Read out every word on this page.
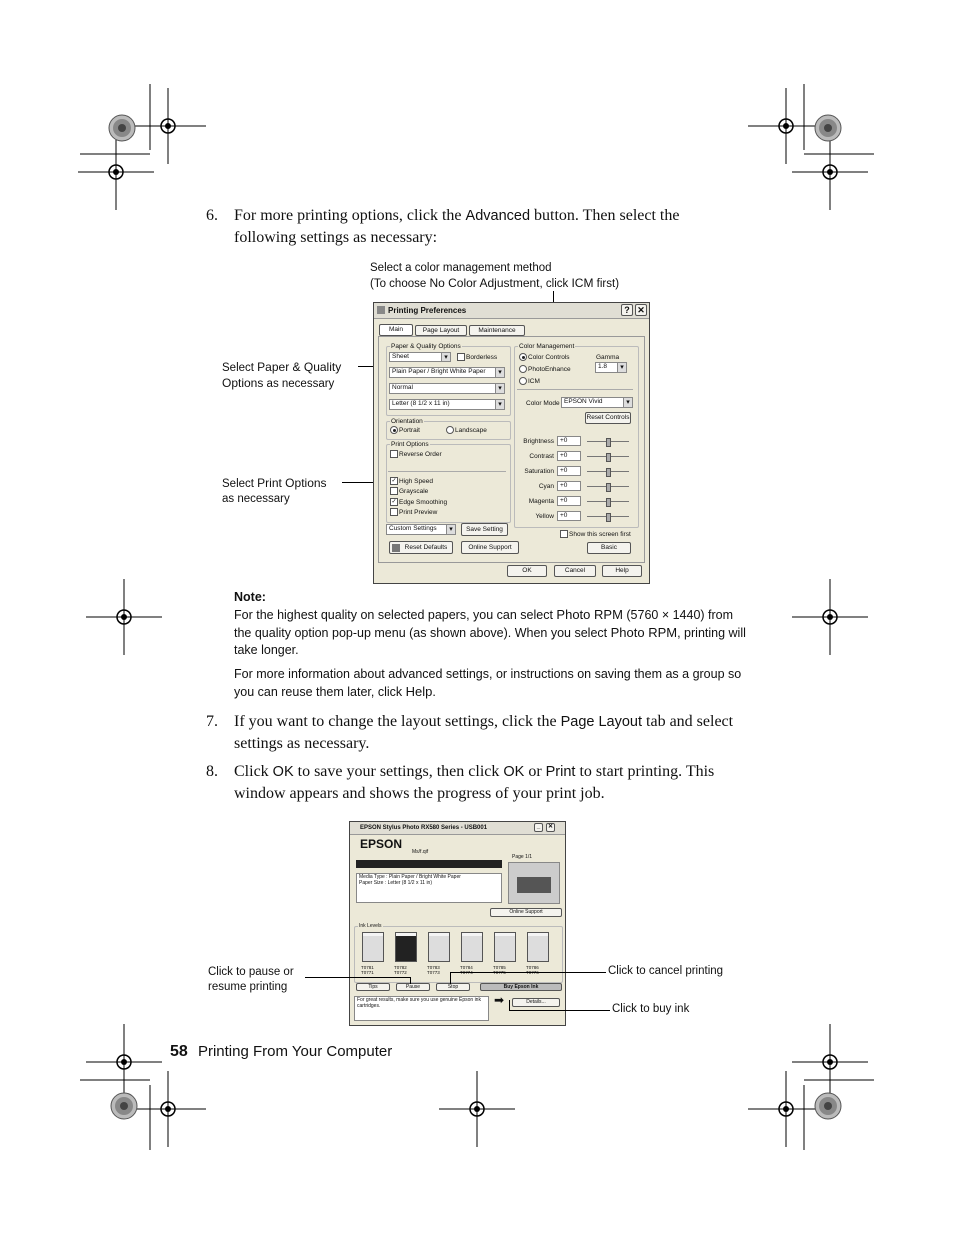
6. For more printing options, click the Advanced button. Then select the following settings as necessary:
Select a color management method
(To choose No Color Adjustment, click ICM first)
Select Paper & Quality Options as necessary
Select Print Options
as necessary
Printing Preferences	? ✕
Main	Page Layout	Maintenance
Paper & Quality Options
Sheet ▾	Borderless
Plain Paper / Bright White Paper ▾
Normal ▾
Letter (8 1/2 x 11 in) ▾
Orientation
Portrait	Landscape
Print Options
Reverse Order
✓ High Speed
Grayscale
✓ Edge Smoothing
Print Preview
Custom Settings ▾	Save Setting
Reset Defaults	Online Support
Color Management
Color Controls
PhotoEnhance
ICM
Gamma
1.8 ▾
Color Mode EPSON Vivid ▾
Reset Controls
Show this screen first
Basic
OK	Cancel	Help
Brightness +0
Contrast +0
Saturation +0
Cyan +0
Magenta +0
Yellow +0
Note:
For the highest quality on selected papers, you can select Photo RPM (5760 × 1440) from the quality option pop-up menu (as shown above). When you select Photo RPM, printing will take longer.
For more information about advanced settings, or instructions on saving them as a group so you can reuse them later, click Help.
7. If you want to change the layout settings, click the Page Layout tab and select settings as necessary.
8. Click OK to save your settings, then click OK or Print to start printing. This window appears and shows the progress of your print job.
EPSON Stylus Photo RX580 Series - USB001	_	✕
EPSON
Ms/f.qif
Page 1/1
Media Type : Plain Paper / Bright White Paper
Paper Size : Letter (8 1/2 x 11 in)
Online Support
Ink Levels
Tips	Pause	Stop	Buy Epson Ink
For great results, make sure you use genuine Epson ink cartridges.	➡	Details...
T0781 T0771
T0782 T0772
T0783 T0773
T0784	T0785	T0786
Click to pause or resume printing
Click to cancel printing
Click to buy ink
58 Printing From Your Computer
